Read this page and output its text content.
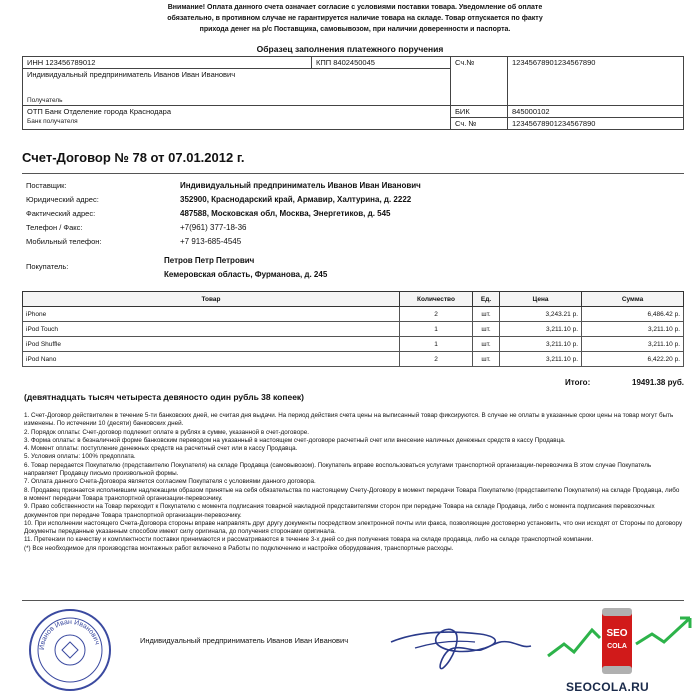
Внимание! Оплата данного счета означает согласие с условиями поставки товара. Уведомление об оплате
обязательно, в противном случае не гарантируется наличие товара на складе. Товар отпускается по факту
прихода денег на р/с Поставщика, самовывозом, при наличии доверенности и паспорта.
Образец заполнения платежного поручения
ИНН 123456789012	КПП 8402450045	Сч.№	12345678901234567890

Индивидуальный предприниматель Иванов Иван Иванович
Получатель			

ОТП Банк Отделение города Краснодара
Банк получателя		БИК	845000102
		Сч. №	12345678901234567890
Счет-Договор № 78 от 07.01.2012 г.
Поставщик:	Индивидуальный предприниматель Иванов Иван Иванович
Юридический адрес:	352900, Краснодарский край, Армавир, Халтурина, д. 2222
Фактический адрес:	487588, Московская обл, Москва, Энергетиков, д. 545
Телефон / Факс:	+7(961) 377-18-36
Мобильный телефон:	+7 913-685-4545
Покупатель:
Петров Петр Петрович
Кемеровская область, Фурманова, д. 245
Товар	Количество	Ед.	Цена	Сумма
iPhone	2	шт.	3,243.21 р.	6,486.42 р.
iPod Touch	1	шт.	3,211.10 р.	3,211.10 р.
iPod Shuffle	1	шт.	3,211.10 р.	3,211.10 р.
iPod Nano	2	шт.	3,211.10 р.	6,422.20 р.
Итого:	19491.38 руб.
(девятнадцать тысяч четыреста девяносто один рубль 38 копеек)

1. Счет-Договор действителен в течение 5-ти банковских дней, не считая дня выдачи. На период действия счета цены на выписанный товар фиксируются. В случае не оплаты в указанные сроки цены на товар могут быть изменены. По истечении 10 (десяти) банковских дней.

2. Порядок оплаты: Счет-договор подлежит оплате в рублях в сумме, указанной в счет-договоре.

3. Форма оплаты: в безналичной форме банковским переводом на указанный в настоящем счет-договоре расчетный счет или внесение наличных денежных средств в кассу Продавца.

4. Момент оплаты: поступление денежных средств на расчетный счет или в кассу Продавца.

5. Условия оплаты: 100% предоплата.

6. Товар передается Покупателю (представителю Покупателя) на складе Продавца (самовывозом). Покупатель вправе воспользоваться услугами транспортной организации-перевозчика В этом случае Покупатель направляет Продавцу письмо произвольной формы.

7. Оплата данного Счета-Договора является согласием Покупателя с условиями данного договора.

8. Продавец признается исполнившим надлежащим образом принятые на себя обязательства по настоящему Счету-Договору в момент передачи Товара Покупателю (представителю Покупателя) на складе Продавца, либо в момент передачи Товара транспортной организации-перевозчику.

9. Право собственности на Товар переходит к Покупателю с момента подписания товарной накладной представителями сторон при передаче Товара на складе Продавца, либо с момента подписания перевозочных документов при передаче Товара транспортной организации-перевозчику.

10. При исполнении настоящего Счета-Договора стороны вправе направлять друг другу документы посредством электронной почты или факса, позволяющие достоверно установить, что они исходят от Стороны по договору Документы переданные указанным способом имеют силу оригинала, до получения сторонами оригинала.

11. Претензии по качеству и комплектности поставки принимаются и рассматриваются в течение 3-х дней со дня получения товара на складе продавца, либо на складе транспортной компании.

(*) Все необходимое для производства монтажных работ включено в Работы по подключению и настройке оборудования, транспортные расходы.

Иванов Иван Иванович	Индивидуальный предприниматель Иванов Иван Иванович
SEO
COLA
SEOCOLA.RU
